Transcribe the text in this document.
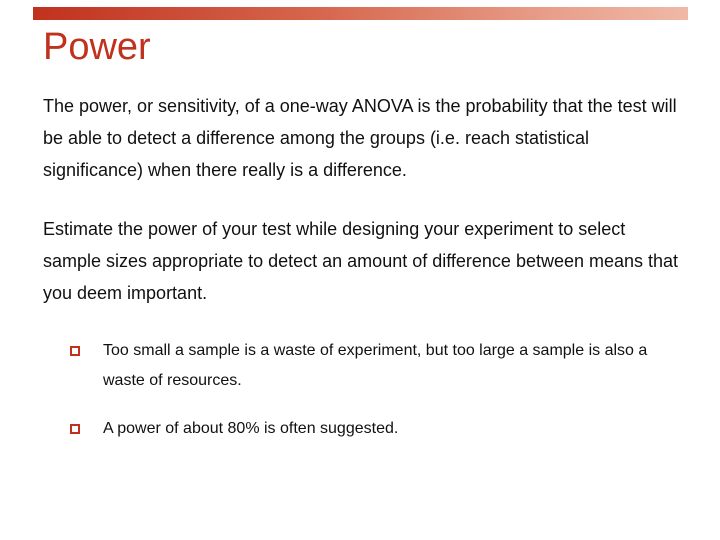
Power

The power, or sensitivity, of a one-way ANOVA is the probability that the test will be able to detect a difference among the groups (i.e. reach statistical significance) when there really is a difference.

Estimate the power of your test while designing your experiment to select sample sizes appropriate to detect an amount of difference between means that you deem important.

Too small a sample is a waste of experiment, but too large a sample is also a waste of resources.
A power of about 80% is often suggested.
